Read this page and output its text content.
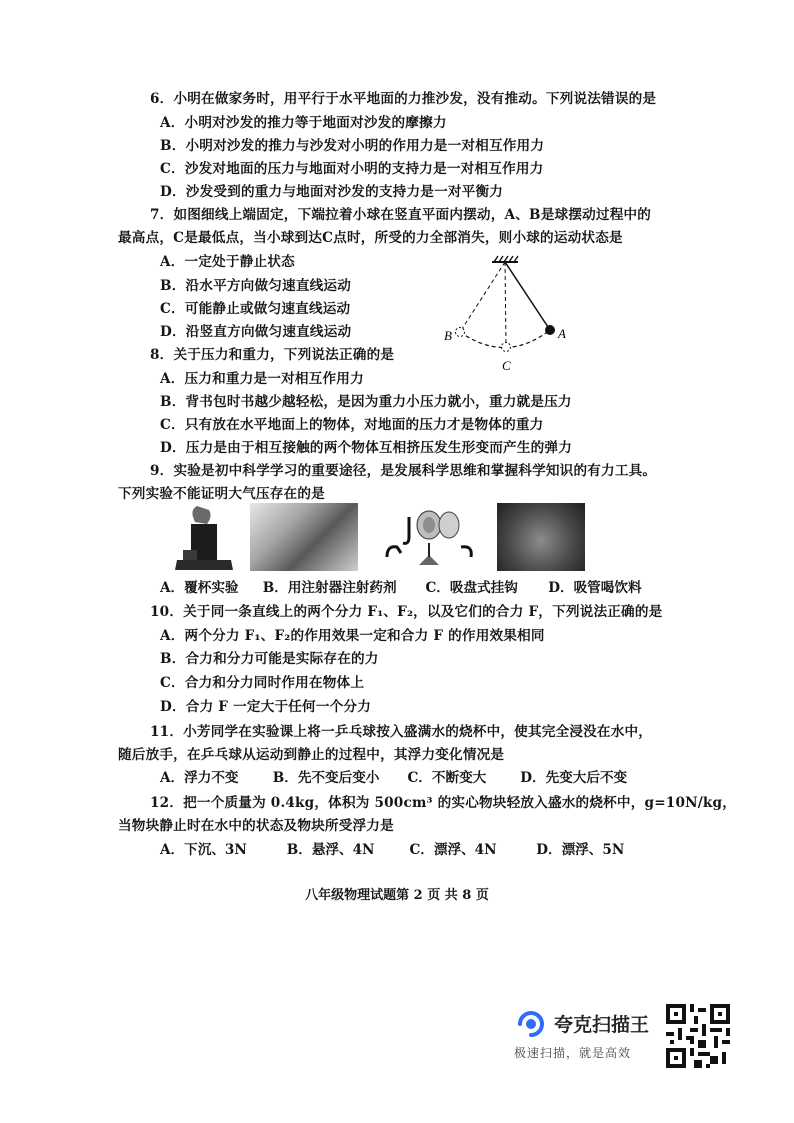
6．小明在做家务时，用平行于水平地面的力推沙发，没有推动。下列说法错误的是
A．小明对沙发的推力等于地面对沙发的摩擦力
B．小明对沙发的推力与沙发对小明的作用力是一对相互作用力
C．沙发对地面的压力与地面对小明的支持力是一对相互作用力
D．沙发受到的重力与地面对沙发的支持力是一对平衡力
7．如图细线上端固定，下端拉着小球在竖直平面内摆动，A、B是球摆动过程中的
最高点，C是最低点，当小球到达C点时，所受的力全部消失，则小球的运动状态是
A．一定处于静止状态
B．沿水平方向做匀速直线运动
C．可能静止或做匀速直线运动
D．沿竖直方向做匀速直线运动	A
B
C
8．关于压力和重力，下列说法正确的是
A．压力和重力是一对相互作用力
B．背书包时书越少越轻松，是因为重力小压力就小，重力就是压力
C．只有放在水平地面上的物体，对地面的压力才是物体的重力
D．压力是由于相互接触的两个物体互相挤压发生形变而产生的弹力
9．实验是初中科学学习的重要途径，是发展科学思维和掌握科学知识的有力工具。
下列实验不能证明大气压存在的是
A．覆杯实验 B．用注射器注射药剂 C．吸盘式挂钩 D．吸管喝饮料
10．关于同一条直线上的两个分力 F₁、F₂，以及它们的合力 F，下列说法正确的是
A．两个分力 F₁、F₂的作用效果一定和合力 F 的作用效果相同
B．合力和分力可能是实际存在的力
C．合力和分力同时作用在物体上
D．合力 F 一定大于任何一个分力
11．小芳同学在实验课上将一乒乓球按入盛满水的烧杯中，使其完全浸没在水中，
随后放手，在乒乓球从运动到静止的过程中，其浮力变化情况是
A．浮力不变	B．先不变后变小 C．不断变大 D．先变大后不变
12．把一个质量为 0.4kg，体积为 500cm³ 的实心物块轻放入盛水的烧杯中，g=10N/kg，
当物块静止时在水中的状态及物块所受浮力是
A．下沉、3N	B．悬浮、4N	C．漂浮、4N	D．漂浮、5N
八年级物理试题第 2 页 共 8 页
夸克扫描王
极速扫描，就是高效
